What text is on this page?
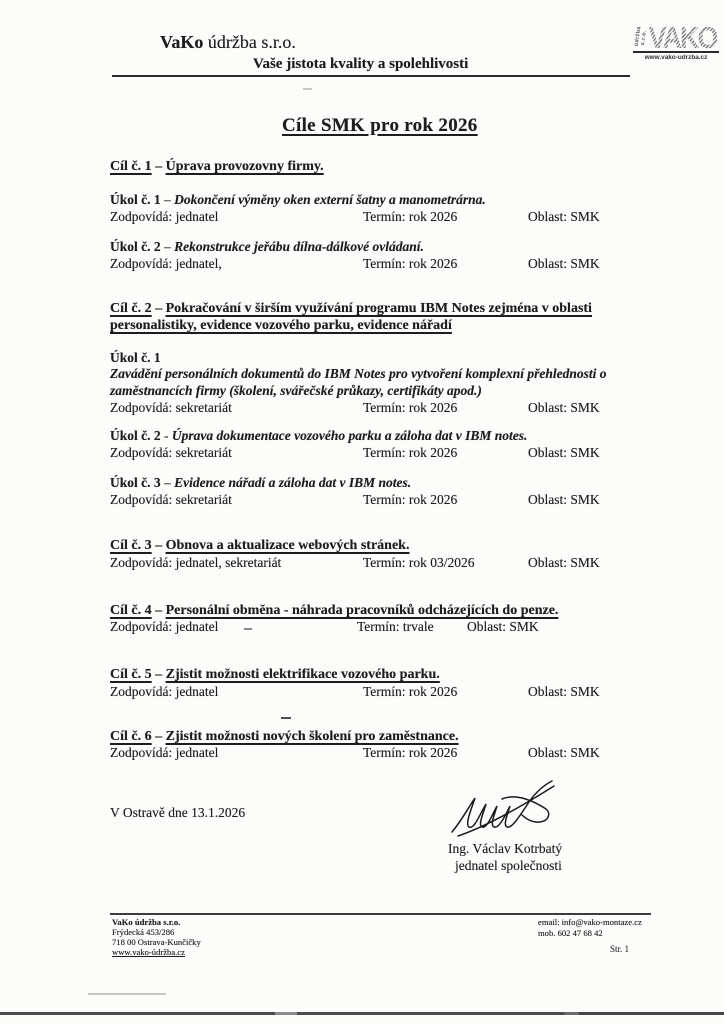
VaKo údržba s.r.o.
Vaše jistota kvality a spolehlivosti
údržba s.r.o. VAKO
www.vako-udrzba.cz
Cíle SMK pro rok 2026
Cíl č. 1 – Úprava provozovny firmy.
Úkol č. 1 – Dokončení výměny oken externí šatny a manometrárna.
Zodpovídá: jednatel	Termín: rok 2026	Oblast: SMK
Úkol č. 2 – Rekonstrukce jeřábu dílna-dálkové ovládaní.
Zodpovídá: jednatel,	Termín: rok 2026	Oblast: SMK
Cíl č. 2 – Pokračování v širším využívání programu IBM Notes zejména v oblasti personalistiky, evidence vozového parku, evidence nářadí
Úkol č. 1
Zavádění personálních dokumentů do IBM Notes pro vytvoření komplexní přehlednosti o zaměstnancích firmy (školení, svářečské průkazy, certifikáty apod.)
Zodpovídá: sekretariát	Termín: rok 2026	Oblast: SMK
Úkol č. 2 - Úprava dokumentace vozového parku a záloha dat v IBM notes.
Zodpovídá: sekretariát	Termín: rok 2026	Oblast: SMK
Úkol č. 3 – Evidence nářadí a záloha dat v IBM notes.
Zodpovídá: sekretariát	Termín: rok 2026	Oblast: SMK
Cíl č. 3 – Obnova a aktualizace webových stránek.
Zodpovídá: jednatel, sekretariát	Termín: rok 03/2026	Oblast: SMK
Cíl č. 4 – Personální obměna - náhrada pracovníků odcházejících do penze.
Zodpovídá: jednatel	Termín: trvale Oblast: SMK
Cíl č. 5 – Zjistit možnosti elektrifikace vozového parku.
Zodpovídá: jednatel	Termín: rok 2026	Oblast: SMK
Cíl č. 6 – Zjistit možnosti nových školení pro zaměstnance.
Zodpovídá: jednatel	Termín: rok 2026	Oblast: SMK
V Ostravě dne 13.1.2026
Ing. Václav Kotrbatý
jednatel společnosti
VaKo údržba s.r.o.
Frýdecká 453/286
718 00 Ostrava-Kunčičky
www.vako-údržba.cz
email: info@vako-montaze.cz
mob. 602 47 68 42
Str. 1
